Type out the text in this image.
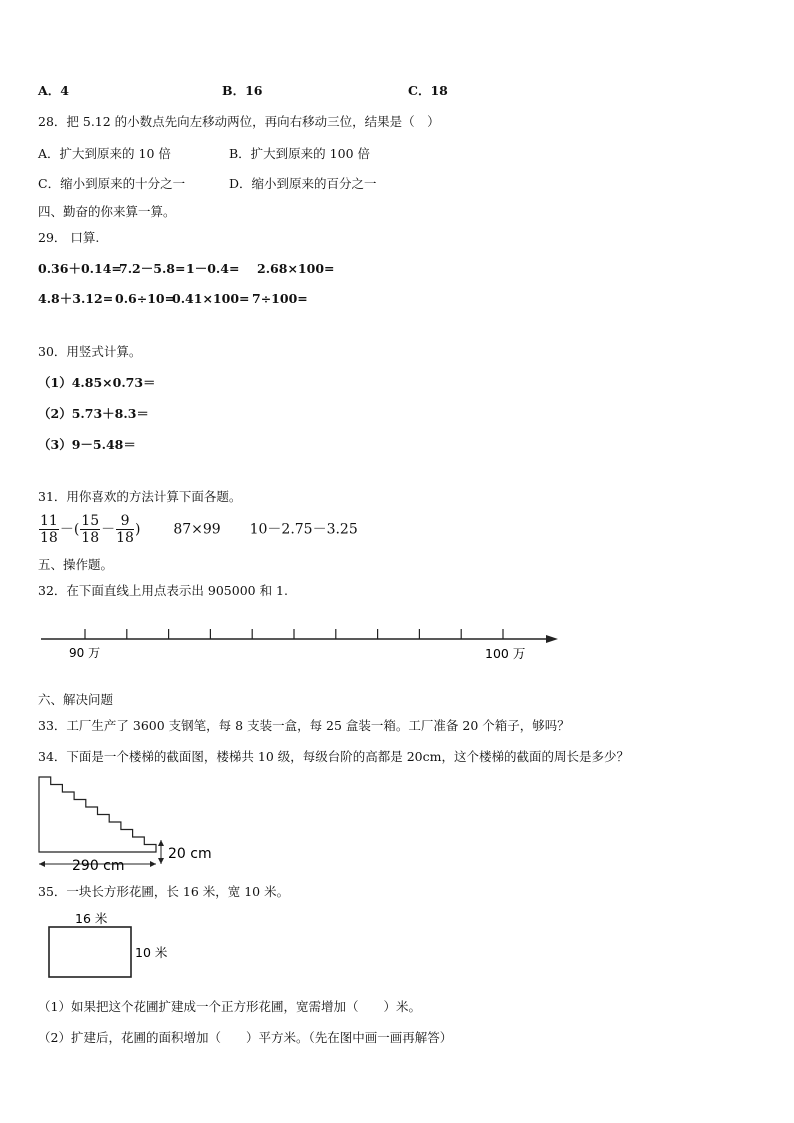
A．4	B．16	C．18
28．把 5.12 的小数点先向左移动两位，再向右移动三位，结果是（　）
A．扩大到原来的 10 倍	B．扩大到原来的 100 倍
C．缩小到原来的十分之一	D．缩小到原来的百分之一
四、勤奋的你来算一算。
29． 口算.
0.36＋0.14=
7.2－5.8= 1－0.4= 2.68×100=
4.8＋3.12= 0.6÷10=
0.41×100= 7÷100=
30．用竖式计算。
（1）4.85×0.73＝
（2）5.73＋8.3＝
（3）9－5.48＝
31．用你喜欢的方法计算下面各题。
$\frac{11}{18}$ －( $\frac{15}{18} - \frac{9}{18}$ ) 87×99 10－2.75－3.25
五、操作题。
32．在下面直线上用点表示出 905000 和 1.
90 万	100 万
六、解决问题
33．工厂生产了 3600 支钢笔，每 8 支装一盒，每 25 盒装一箱。工厂准备 20 个箱子，够吗？
34．下面是一个楼梯的截面图，楼梯共 10 级，每级台阶的高都是 20cm，这个楼梯的截面的周长是多少？
290 cm
20 cm
35．一块长方形花圃，长 16 米，宽 10 米。
16 米
10 米
（1）如果把这个花圃扩建成一个正方形花圃，宽需增加（　　）米。
（2）扩建后，花圃的面积增加（　　）平方米。（先在图中画一画再解答）
